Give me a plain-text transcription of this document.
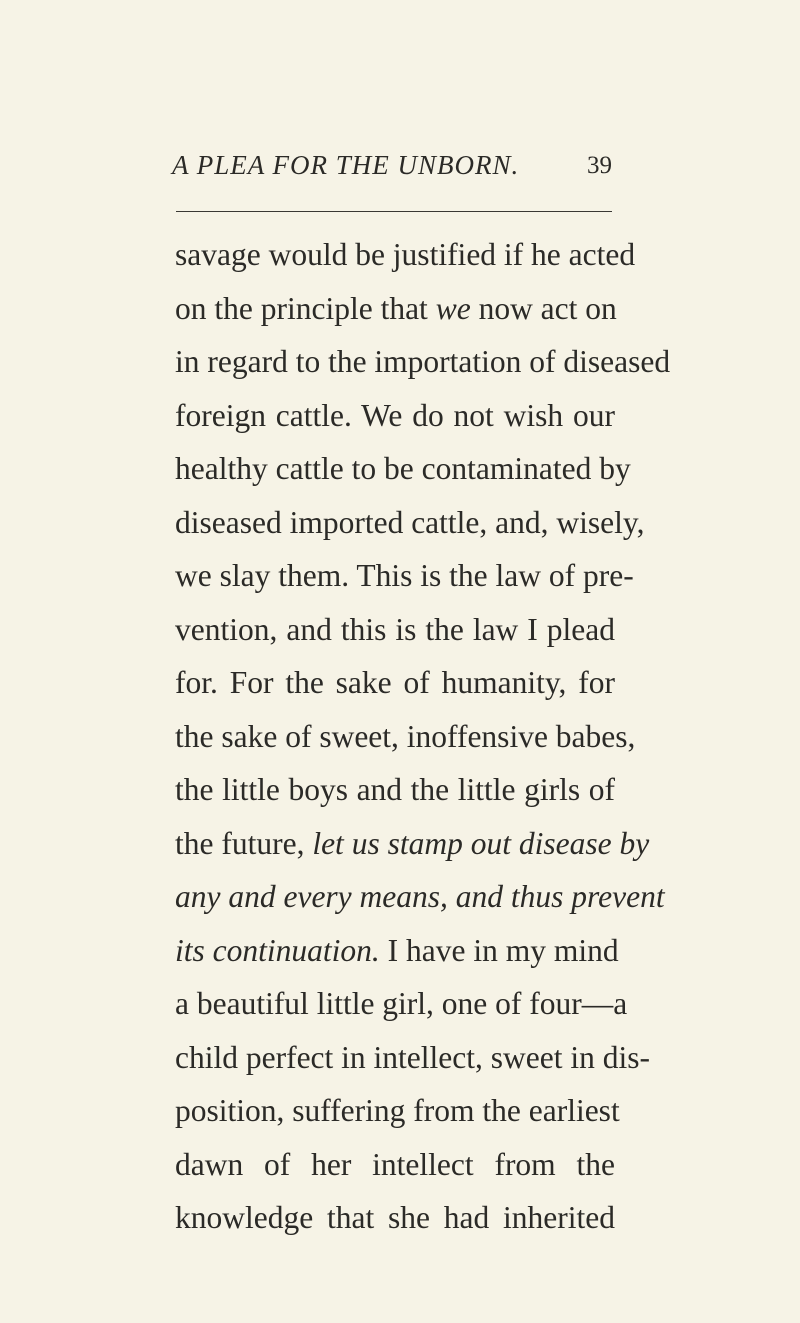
A PLEA FOR THE UNBORN.	39
savage would be justified if he acted
on the principle that we now act on
in regard to the importation of diseased
foreign cattle. We do not wish our
healthy cattle to be contaminated by
diseased imported cattle, and, wisely,
we slay them. This is the law of pre-
vention, and this is the law I plead
for. For the sake of humanity, for
the sake of sweet, inoffensive babes,
the little boys and the little girls of
the future, let us stamp out disease by
any and every means, and thus prevent
its continuation. I have in my mind
a beautiful little girl, one of four—a
child perfect in intellect, sweet in dis-
position, suffering from the earliest
dawn of her intellect from the
knowledge that she had inherited
